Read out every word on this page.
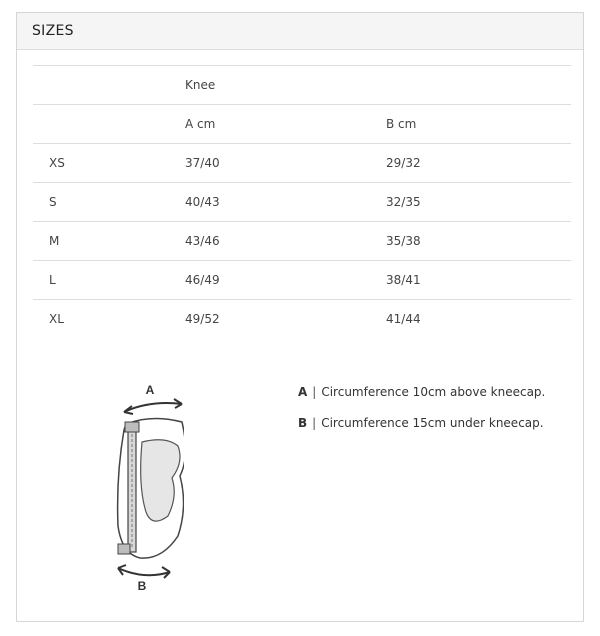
SIZES
	Knee	
	A cm	B cm
XS	37/40	29/32
S	40/43	32/35
M	43/46	35/38
L	46/49	38/41
XL	49/52	41/44
A
B
A | Circumference 10cm above kneecap.
B | Circumference 15cm under kneecap.
